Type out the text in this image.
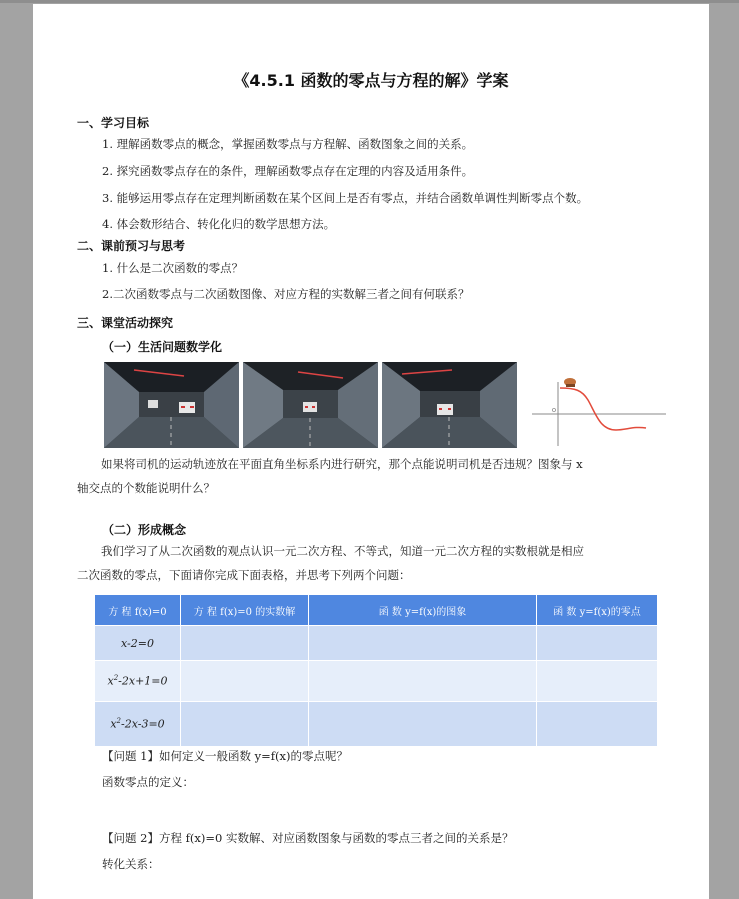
《4.5.1 函数的零点与方程的解》学案
一、学习目标
1. 理解函数零点的概念，掌握函数零点与方程解、函数图象之间的关系。
2. 探究函数零点存在的条件，理解函数零点存在定理的内容及适用条件。
3. 能够运用零点存在定理判断函数在某个区间上是否有零点，并结合函数单调性判断零点个数。
4. 体会数形结合、转化化归的数学思想方法。
二、课前预习与思考
1. 什么是二次函数的零点？
2.二次函数零点与二次函数图像、对应方程的实数解三者之间有何联系？
三、课堂活动探究
（一）生活问题数学化
O
如果将司机的运动轨迹放在平面直角坐标系内进行研究，那个点能说明司机是否违规？图象与 x
轴交点的个数能说明什么？
（二）形成概念
我们学习了从二次函数的观点认识一元二次方程、不等式，知道一元二次方程的实数根就是相应
二次函数的零点，下面请你完成下面表格，并思考下列两个问题：
方 程 f(x)=0	方 程 f(x)=0 的实数解	函 数 y=f(x)的图象	函 数 y=f(x)的零点
x-2=0			
$x^2-2x+1=0$			
$x^2-2x-3=0$			
【问题 1】如何定义一般函数 y=f(x)的零点呢？
函数零点的定义：
【问题 2】方程 f(x)=0 实数解、对应函数图象与函数的零点三者之间的关系是？
转化关系：
